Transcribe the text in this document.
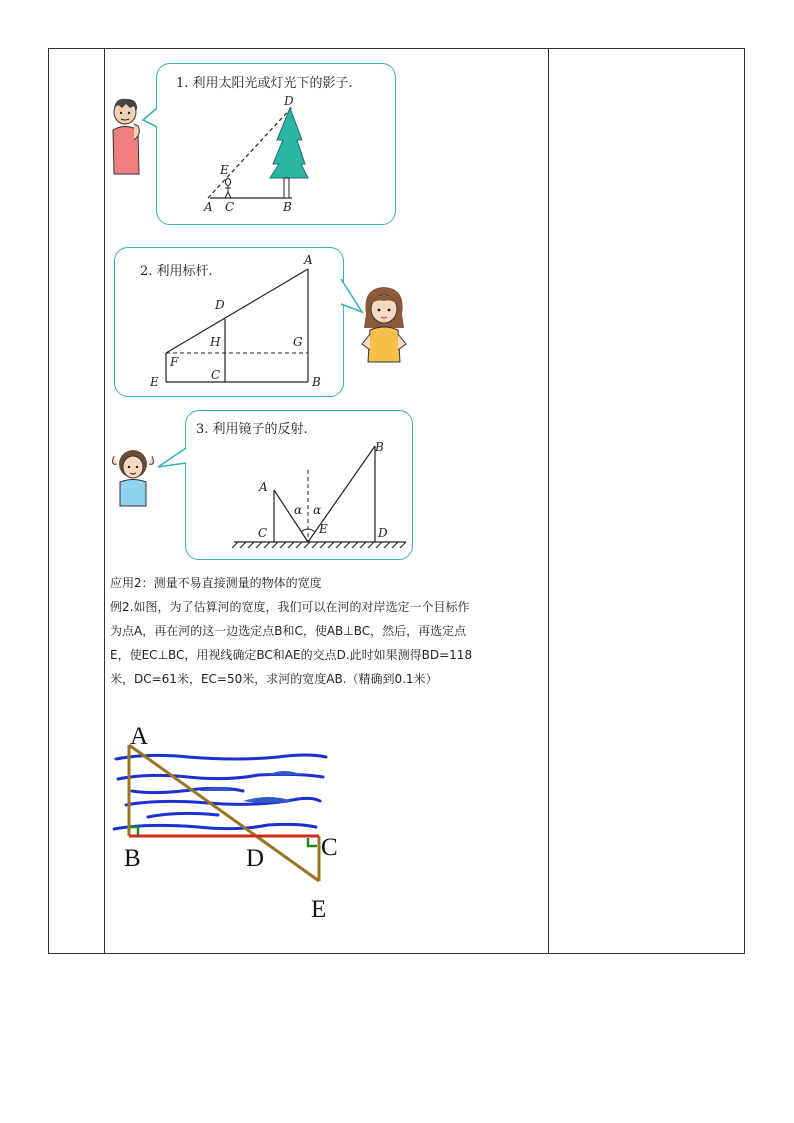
1. 利用太阳光或灯光下的影子.
D
E
A C	B
2. 利用标杆.
A
D
H	G
F
E	C	B
3. 利用镜子的反射.
A
B
C	E	D
α α
应用2：测量不易直接测量的物体的宽度
例2.如图，为了估算河的宽度，我们可以在河的对岸选定一个目标作
为点A，再在河的这一边选定点B和C，使AB⊥BC，然后，再选定点
E，使EC⊥BC，用视线确定BC和AE的交点D.此时如果测得BD=118
米，DC=61米，EC=50米，求河的宽度AB.（精确到0.1米）
A
B	D C
E
